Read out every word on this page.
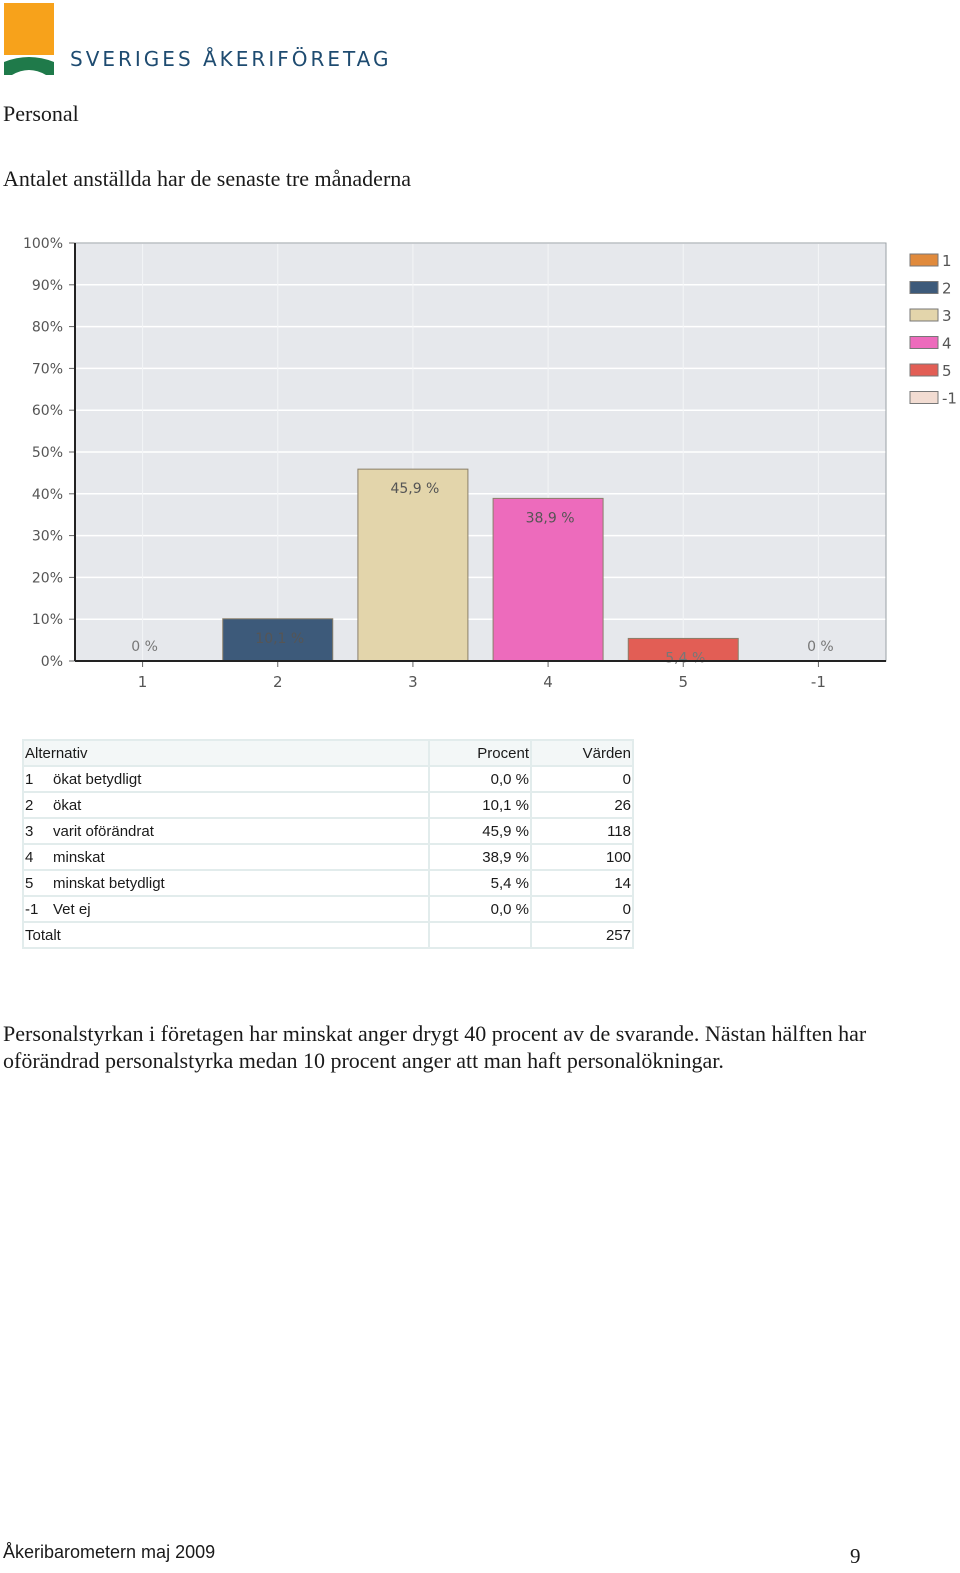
SVERIGES ÅKERIFÖRETAG
Personal
Antalet anställda har de senaste tre månaderna
0%
10%
20%
30%
40%
50%
60%
70%
80%
90%
100%
0 %
1
10,1 %
2
45,9 %
3
38,9 %
4
5,4 %
5
0 %
-1
1
2
3
4
5
-1
Alternativ	Procent	Värden
1 ökat betydligt	0,0 %	0
2 ökat	10,1 %	26
3 varit oförändrat	45,9 %	118
4 minskat	38,9 %	100
5 minskat betydligt	5,4 %	14
-1 Vet ej	0,0 %	0
Totalt		257
Personalstyrkan i företagen har minskat anger drygt 40 procent av de svarande. Nästan hälften har oförändrad personalstyrka medan 10 procent anger att man haft personalökningar.
Åkeribarometern maj 2009	9
